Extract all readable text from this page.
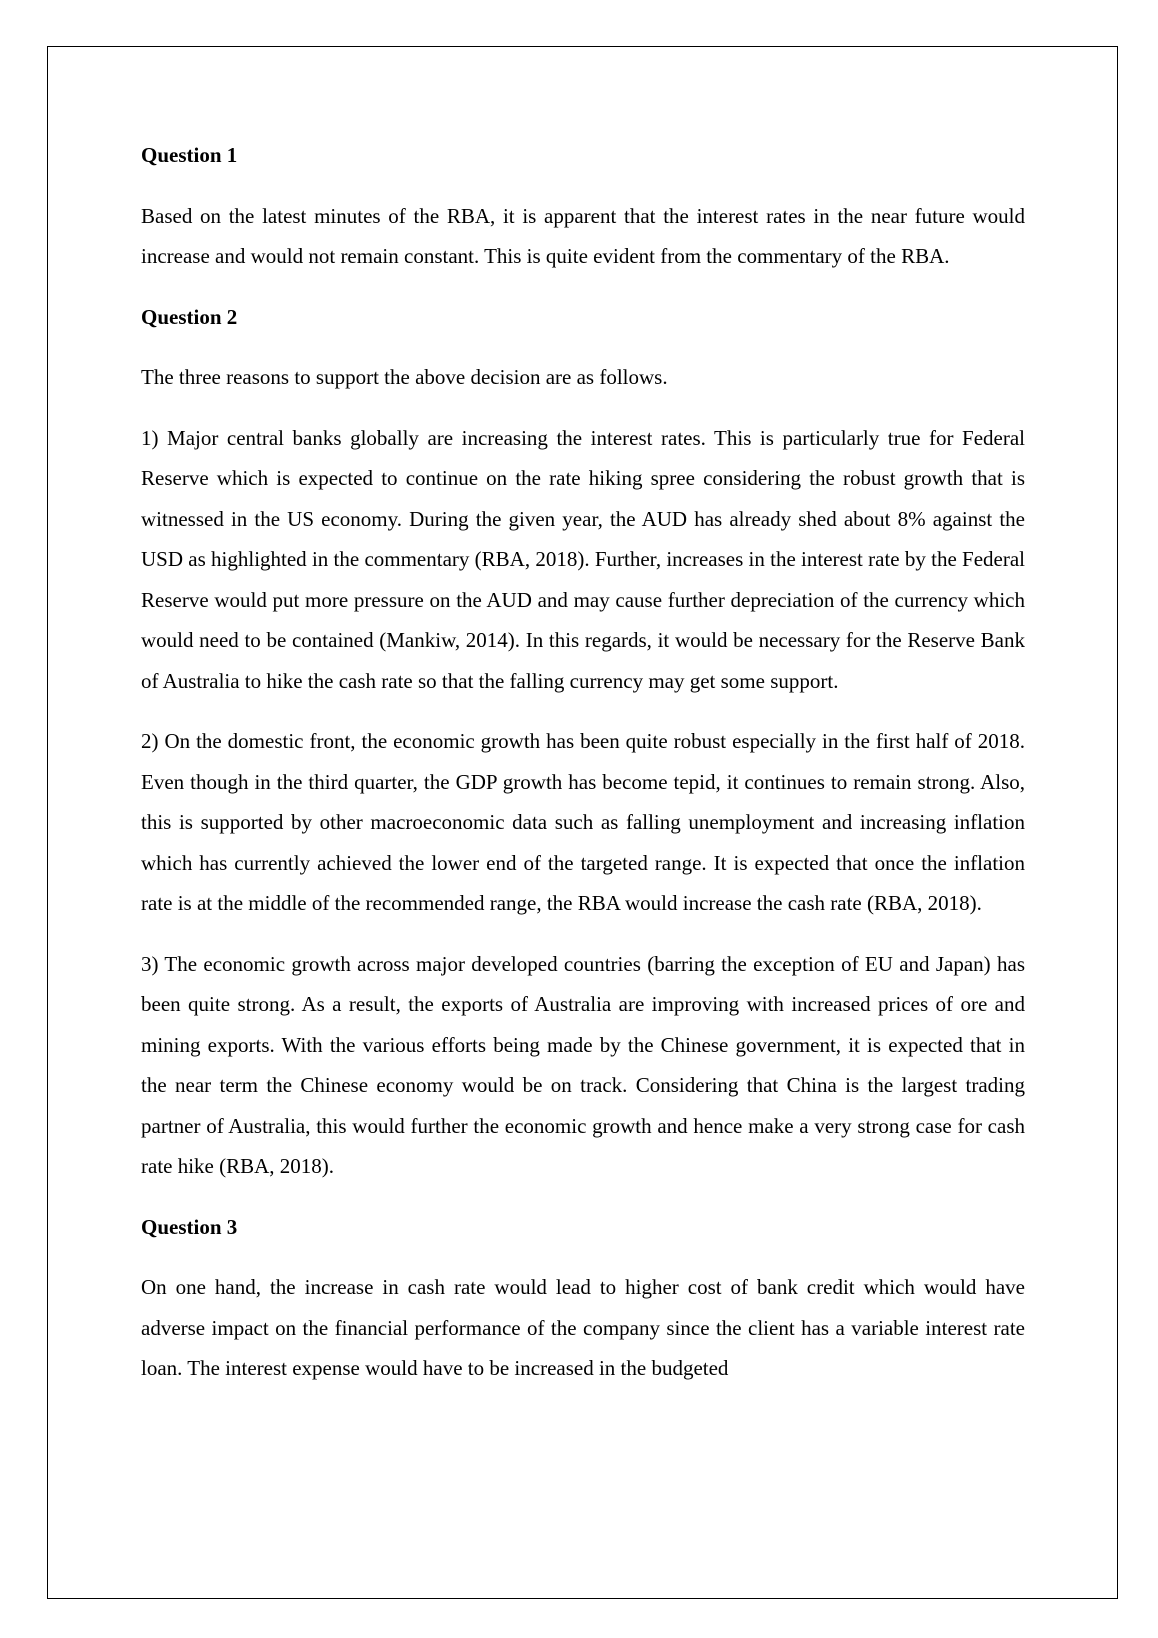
Question 1
Based on the latest minutes of the RBA, it is apparent that the interest rates in the near future would increase and would not remain constant. This is quite evident from the commentary of the RBA.
Question 2
The three reasons to support the above decision are as follows.
1) Major central banks globally are increasing the interest rates. This is particularly true for Federal Reserve which is expected to continue on the rate hiking spree considering the robust growth that is witnessed in the US economy. During the given year, the AUD has already shed about 8% against the USD as highlighted in the commentary (RBA, 2018). Further, increases in the interest rate by the Federal Reserve would put more pressure on the AUD and may cause further depreciation of the currency which would need to be contained (Mankiw, 2014). In this regards, it would be necessary for the Reserve Bank of Australia to hike the cash rate so that the falling currency may get some support.
2) On the domestic front, the economic growth has been quite robust especially in the first half of 2018. Even though in the third quarter, the GDP growth has become tepid, it continues to remain strong. Also, this is supported by other macroeconomic data such as falling unemployment and increasing inflation which has currently achieved the lower end of the targeted range. It is expected that once the inflation rate is at the middle of the recommended range, the RBA would increase the cash rate (RBA, 2018).
3) The economic growth across major developed countries (barring the exception of EU and Japan) has been quite strong. As a result, the exports of Australia are improving with increased prices of ore and mining exports. With the various efforts being made by the Chinese government, it is expected that in the near term the Chinese economy would be on track. Considering that China is the largest trading partner of Australia, this would further the economic growth and hence make a very strong case for cash rate hike (RBA, 2018).
Question 3
On one hand, the increase in cash rate would lead to higher cost of bank credit which would have adverse impact on the financial performance of the company since the client has a variable interest rate loan. The interest expense would have to be increased in the budgeted
